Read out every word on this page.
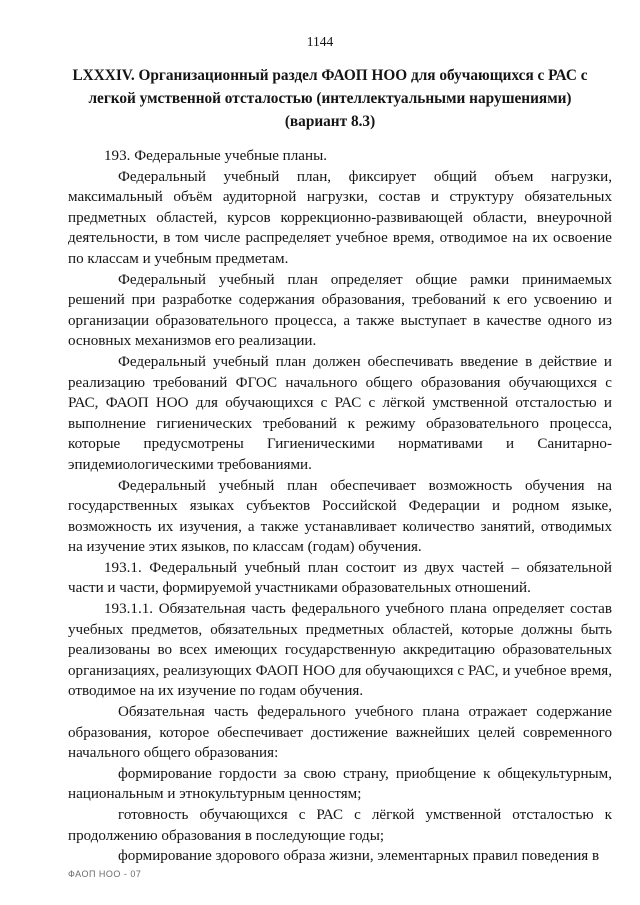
1144
LXXXIV. Организационный раздел ФАОП НОО для обучающихся с РАС с
легкой умственной отсталостью (интеллектуальными нарушениями)
(вариант 8.3)

193. Федеральные учебные планы.

Федеральный учебный план, фиксирует общий объем нагрузки, максимальный объём аудиторной нагрузки, состав и структуру обязательных предметных областей, курсов коррекционно-развивающей области, внеурочной деятельности, в том числе распределяет учебное время, отводимое на их освоение по классам и учебным предметам.

Федеральный учебный план определяет общие рамки принимаемых решений при разработке содержания образования, требований к его усвоению и организации образовательного процесса, а также выступает в качестве одного из основных механизмов его реализации.

Федеральный учебный план должен обеспечивать введение в действие и реализацию требований ФГОС начального общего образования обучающихся с РАС, ФАОП НОО для обучающихся с РАС с лёгкой умственной отсталостью и выполнение гигиенических требований к режиму образовательного процесса, которые предусмотрены Гигиеническими нормативами и Санитарно-эпидемиологическими требованиями.

Федеральный учебный план обеспечивает возможность обучения на государственных языках субъектов Российской Федерации и родном языке, возможность их изучения, а также устанавливает количество занятий, отводимых на изучение этих языков, по классам (годам) обучения.

193.1. Федеральный учебный план состоит из двух частей – обязательной части и части, формируемой участниками образовательных отношений.

193.1.1. Обязательная часть федерального учебного плана определяет состав учебных предметов, обязательных предметных областей, которые должны быть реализованы во всех имеющих государственную аккредитацию образовательных организациях, реализующих ФАОП НОО для обучающихся с РАС, и учебное время, отводимое на их изучение по годам обучения.

Обязательная часть федерального учебного плана отражает содержание образования, которое обеспечивает достижение важнейших целей современного начального общего образования:

формирование гордости за свою страну, приобщение к общекультурным, национальным и этнокультурным ценностям;

готовность обучающихся с РАС с лёгкой умственной отсталостью к продолжению образования в последующие годы;

формирование здорового образа жизни, элементарных правил поведения в

ФАОП НОО - 07
